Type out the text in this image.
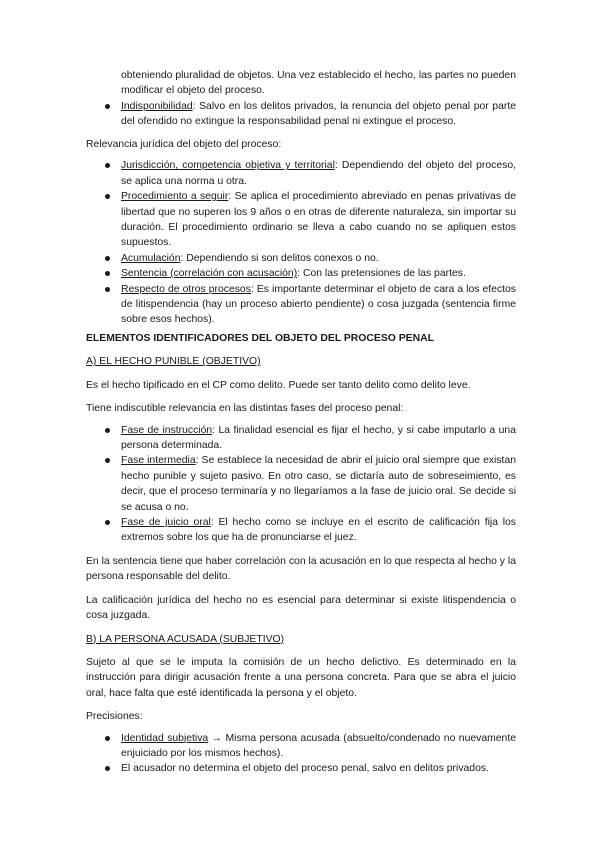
obteniendo pluralidad de objetos. Una vez establecido el hecho, las partes no pueden modificar el objeto del proceso.

Indisponibilidad: Salvo en los delitos privados, la renuncia del objeto penal por parte del ofendido no extingue la responsabilidad penal ni extingue el proceso.

Relevancia jurídica del objeto del proceso:

Jurisdicción, competencia objetiva y territorial: Dependiendo del objeto del proceso, se aplica una norma u otra.
Procedimiento a seguir: Se aplica el procedimiento abreviado en penas privativas de libertad que no superen los 9 años o en otras de diferente naturaleza, sin importar su duración. El procedimiento ordinario se lleva a cabo cuando no se apliquen estos supuestos.
Acumulación: Dependiendo si son delitos conexos o no.
Sentencia (correlación con acusación): Con las pretensiones de las partes.
Respecto de otros procesos: Es importante determinar el objeto de cara a los efectos de litispendencia (hay un proceso abierto pendiente) o cosa juzgada (sentencia firme sobre esos hechos).

ELEMENTOS IDENTIFICADORES DEL OBJETO DEL PROCESO PENAL

A) EL HECHO PUNIBLE (OBJETIVO)

Es el hecho tipificado en el CP como delito. Puede ser tanto delito como delito leve.

Tiene indiscutible relevancia en las distintas fases del proceso penal:

Fase de instrucción: La finalidad esencial es fijar el hecho, y si cabe imputarlo a una persona determinada.
Fase intermedia: Se establece la necesidad de abrir el juicio oral siempre que existan hecho punible y sujeto pasivo. En otro caso, se dictaría auto de sobreseimiento, es decir, que el proceso terminaría y no llegaríamos a la fase de juicio oral. Se decide si se acusa o no.
Fase de juicio oral: El hecho como se incluye en el escrito de calificación fija los extremos sobre los que ha de pronunciarse el juez.

En la sentencia tiene que haber correlación con la acusación en lo que respecta al hecho y la persona responsable del delito.

La calificación jurídica del hecho no es esencial para determinar si existe litispendencia o cosa juzgada.

B) LA PERSONA ACUSADA (SUBJETIVO)

Sujeto al que se le imputa la comisión de un hecho delictivo. Es determinado en la instrucción para dirigir acusación frente a una persona concreta. Para que se abra el juicio oral, hace falta que esté identificada la persona y el objeto.

Precisiones:

Identidad subjetiva → Misma persona acusada (absuelto/condenado no nuevamente enjuiciado por los mismos hechos).
El acusador no determina el objeto del proceso penal, salvo en delitos privados.
